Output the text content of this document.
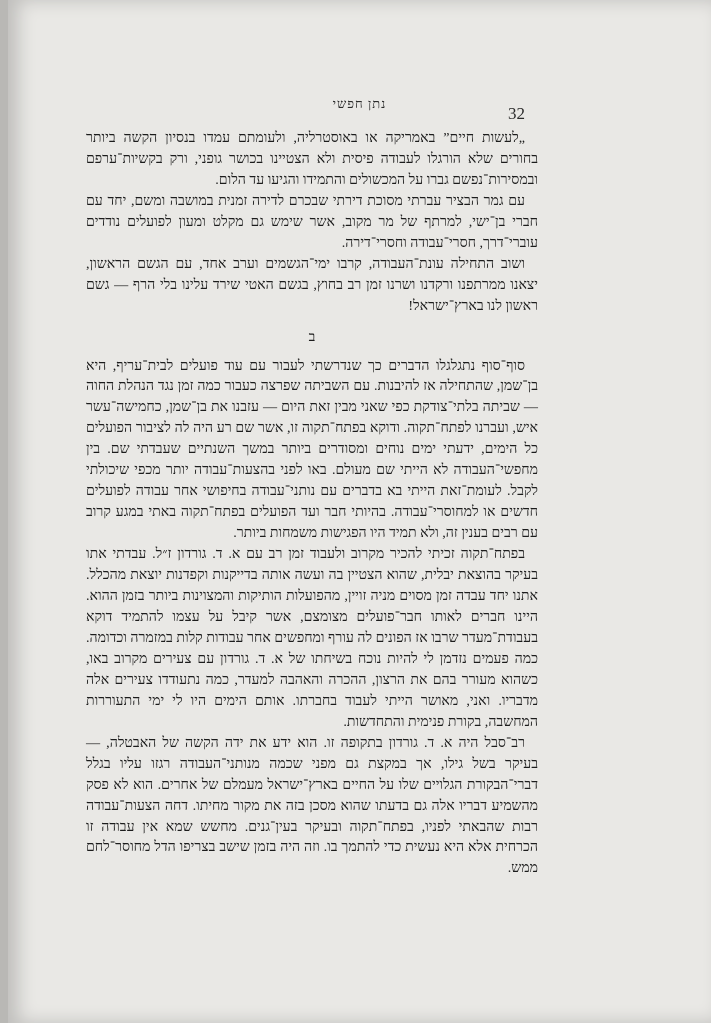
32
נתן חפשי

„לעשות חיים” באמריקה או באוסטרליה, ולעומתם עמדו בנסיון הקשה ביותר בחורים שלא הורגלו לעבודה פיסית ולא הצטיינו בכושר גופני, ורק בקשיות־ערפם ובמסירות־נפשם גברו על המכשולים והתמידו והגיעו עד הלום.

עם גמר הבציר עברתי מסוכת דירתי שבכרם לדירה זמנית במושבה ומשם, יחד עם חברי בן־ישי, למרתף של מר מקוב, אשר שימש גם מקלט ומעון לפועלים נודדים עוברי־דרך, חסרי־עבודה וחסרי־דירה.

ושוב התחילה עונת־העבודה, קרבו ימי־הגשמים וערב אחד, עם הגשם הראשון, יצאנו ממרתפנו ורקדנו ושרנו זמן רב בחוץ, בגשם האטי שירד עלינו בלי הרף — גשם ראשון לנו בארץ־ישראל!

ב

סוף־סוף נתגלגלו הדברים כך שנדרשתי לעבור עם עוד פועלים לבית־עריף, היא בן־שמן, שהתחילה אז להיבנות. עם השביתה שפרצה כעבור כמה זמן נגד הנהלת החוה — שביתה בלתי־צודקת כפי שאני מבין זאת היום — עזבנו את בן־שמן, כחמישה־עשר איש, ועברנו לפתח־תקוה. ודוקא בפתח־תקוה זו, אשר שם רע היה לה לציבור הפועלים כל הימים, ידעתי ימים נוחים ומסודרים ביותר במשך השנתיים שעבדתי שם. בין מחפשי־העבודה לא הייתי שם מעולם. באו לפני בהצעות־עבודה יותר מכפי שיכולתי לקבל. לעומת־זאת הייתי בא בדברים עם נותני־עבודה בחיפושי אחר עבודה לפועלים חדשים או למחוסרי־עבודה. בהיותי חבר ועד הפועלים בפתח־תקוה באתי במגע קרוב עם רבים בענין זה, ולא תמיד היו הפגישות משמחות ביותר.

בפתח־תקוה זכיתי להכיר מקרוב ולעבוד זמן רב עם א. ד. גורדון ז״ל. עבדתי אתו בעיקר בהוצאת יבלית, שהוא הצטיין בה ועשה אותה בדייקנות וקפדנות יוצאת מהכלל. אתנו יחד עבדה זמן מסוים מניה זויין, מהפועלות הותיקות והמצוינות ביותר בזמן ההוא. היינו חברים לאותו חבר־פועלים מצומצם, אשר קיבל על עצמו להתמיד דוקא בעבודת־מעדר שרבו אז הפונים לה עורף ומחפשים אחר עבודות קלות במזמרה וכדומה. כמה פעמים נזדמן לי להיות נוכח בשיחתו של א. ד. גורדון עם צעירים מקרוב באו, כשהוא מעורר בהם את הרצון, ההכרה והאהבה למעדר, כמה נתעודדו צעירים אלה מדבריו. ואני, מאושר הייתי לעבוד בחברתו. אותם הימים היו לי ימי התעוררות המחשבה, בקורת פנימית והתחדשות.

רב־סבל היה א. ד. גורדון בתקופה זו. הוא ידע את ידה הקשה של האבטלה, — בעיקר בשל גילו, אך במקצת גם מפני שכמה מנותני־העבודה רגזו עליו בגלל דברי־הבקורת הגלויים שלו על החיים בארץ־ישראל מעמלם של אחרים. הוא לא פסק מהשמיע דבריו אלה גם בדעתו שהוא מסכן בזה את מקור מחיתו. דחה הצעות־עבודה רבות שהבאתי לפניו, בפתח־תקוה ובעיקר בעין־גנים. מחשש שמא אין עבודה זו הכרחית אלא היא נעשית כדי להתמך בו. וזה היה בזמן שישב בצריפו הדל מחוסר־לחם ממש.
